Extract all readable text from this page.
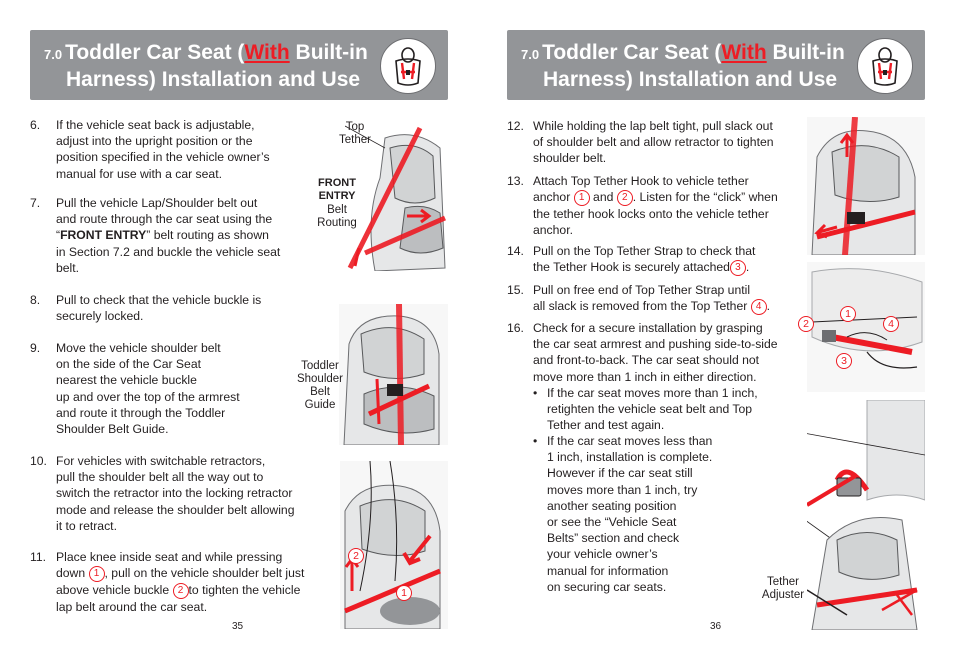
7.0 Toddler Car Seat (With Built-in
Harness) Installation and Use
6. If the vehicle seat back is adjustable,
adjust into the upright position or the
position specified in the vehicle owner’s
manual for use with a car seat.
7. Pull the vehicle Lap/Shoulder belt out
and route through the car seat using the
“FRONT ENTRY” belt routing as shown
in Section 7.2 and buckle the vehicle seat
belt.
8. Pull to check that the vehicle buckle is
securely locked.
9. Move the vehicle shoulder belt
on the side of the Car Seat
nearest the vehicle buckle
up and over the top of the armrest
and route it through the Toddler
Shoulder Belt Guide.
10. For vehicles with switchable retractors,
pull the shoulder belt all the way out to
switch the retractor into the locking retractor
mode and release the shoulder belt allowing
it to retract.
11. Place knee inside seat and while pressing
down 1 , pull on the vehicle shoulder belt just
above vehicle buckle 2 to tighten the vehicle
lap belt around the car seat.
Top
Tether
FRONT
ENTRY
Belt
Routing
Toddler
Shoulder
Belt
Guide
2
1
35
7.0 Toddler Car Seat (With Built-in
Harness) Installation and Use
12. While holding the lap belt tight, pull slack out
of shoulder belt and allow retractor to tighten
shoulder belt.
13. Attach Top Tether Hook to vehicle tether
anchor 1 and 2 . Listen for the “click” when
the tether hook locks onto the vehicle tether
anchor.
14. Pull on the Top Tether Strap to check that
the Tether Hook is securely attached 3 .
15. Pull on free end of Top Tether Strap until
all slack is removed from the Top Tether 4 .
16. Check for a secure installation by grasping
the car seat armrest and pushing side-to-side
and front-to-back. The car seat should not
move more than 1 inch in either direction.
• If the car seat moves more than 1 inch,
retighten the vehicle seat belt and Top
Tether and test again.
• If the car seat moves less than
1 inch, installation is complete.
However if the car seat still
moves more than 1 inch, try
another seating position
or see the “Vehicle Seat
Belts” section and check
your vehicle owner’s
manual for information
on securing car seats.
2
1
4
3
Tether
Adjuster
36
